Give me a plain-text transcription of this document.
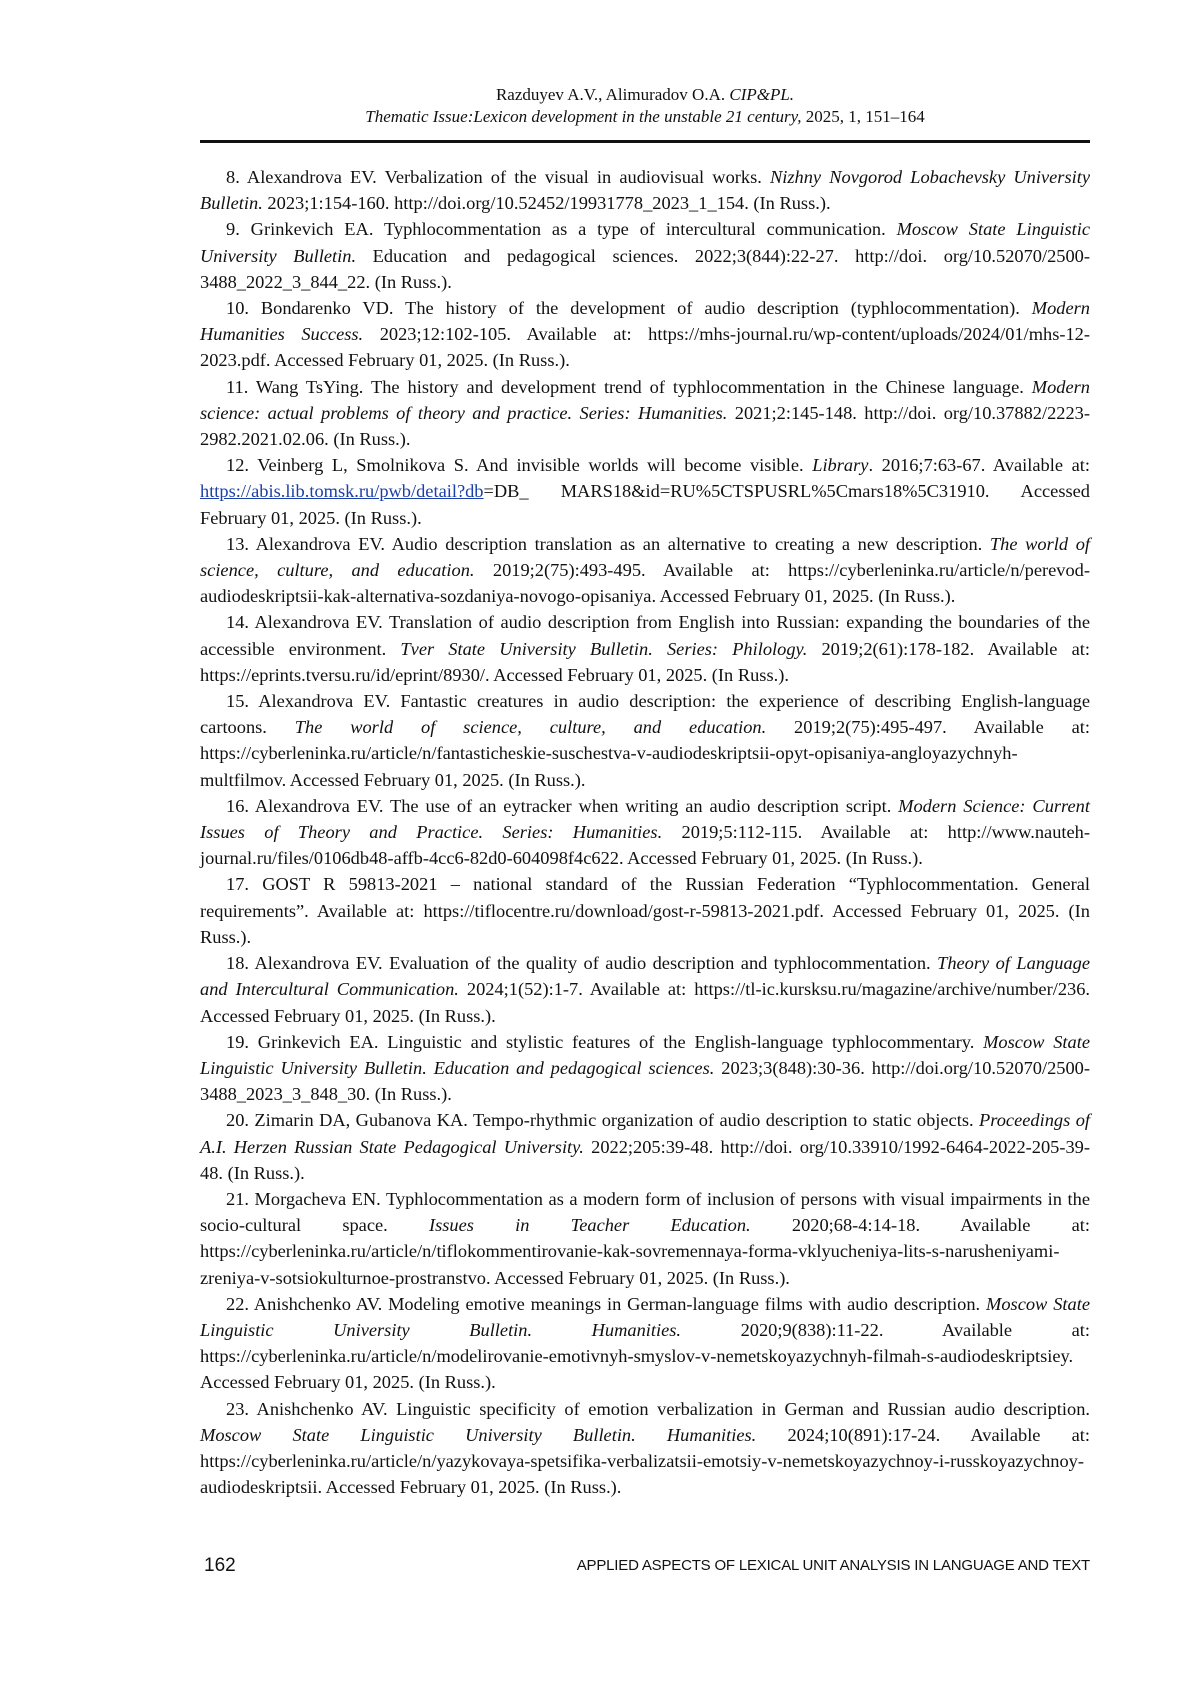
Razduyev A.V., Alimuradov O.A. CIP&PL.
Thematic Issue:Lexicon development in the unstable 21 century, 2025, 1, 151–164

8. Alexandrova EV. Verbalization of the visual in audiovisual works. Nizhny Novgorod Lobachevsky University Bulletin. 2023;1:154-160. http://doi.org/10.52452/19931778_2023_1_154. (In Russ.).

9. Grinkevich EA. Typhlocommentation as a type of intercultural communication. Moscow State Linguistic University Bulletin. Education and pedagogical sciences. 2022;3(844):22-27. http://doi. org/10.52070/2500-3488_2022_3_844_22. (In Russ.).

10. Bondarenko VD. The history of the development of audio description (typhlocommentation). Modern Humanities Success. 2023;12:102-105. Available at: https://mhs-journal.ru/wp-content/uploads/2024/01/mhs-12-2023.pdf. Accessed February 01, 2025. (In Russ.).

11. Wang TsYing. The history and development trend of typhlocommentation in the Chinese language. Modern science: actual problems of theory and practice. Series: Humanities. 2021;2:145-148. http://doi. org/10.37882/2223-2982.2021.02.06. (In Russ.).

12. Veinberg L, Smolnikova S. And invisible worlds will become visible. Library. 2016;7:63-67. Available at: https://abis.lib.tomsk.ru/pwb/detail?db=DB_ MARS18&id=RU%5CTSPUSRL%5Cmars18%5C31910. Accessed February 01, 2025. (In Russ.).

13. Alexandrova EV. Audio description translation as an alternative to creating a new description. The world of science, culture, and education. 2019;2(75):493-495. Available at: https://cyberleninka.ru/article/n/perevod-audiodeskriptsii-kak-alternativa-sozdaniya-novogo-opisaniya. Accessed February 01, 2025. (In Russ.).

14. Alexandrova EV. Translation of audio description from English into Russian: expanding the boundaries of the accessible environment. Tver State University Bulletin. Series: Philology. 2019;2(61):178-182. Available at: https://eprints.tversu.ru/id/eprint/8930/. Accessed February 01, 2025. (In Russ.).

15. Alexandrova EV. Fantastic creatures in audio description: the experience of describing English-language cartoons. The world of science, culture, and education. 2019;2(75):495-497. Available at: https://cyberleninka.ru/article/n/fantasticheskie-suschestva-v-audiodeskriptsii-opyt-opisaniya-angloyazychnyh-multfilmov. Accessed February 01, 2025. (In Russ.).

16. Alexandrova EV. The use of an eytracker when writing an audio description script. Modern Science: Current Issues of Theory and Practice. Series: Humanities. 2019;5:112-115. Available at: http://www.nauteh-journal.ru/files/0106db48-affb-4cc6-82d0-604098f4c622. Accessed February 01, 2025. (In Russ.).

17. GOST R 59813-2021 – national standard of the Russian Federation “Typhlocommentation. General requirements”. Available at: https://tiflocentre.ru/download/gost-r-59813-2021.pdf. Accessed February 01, 2025. (In Russ.).

18. Alexandrova EV. Evaluation of the quality of audio description and typhlocommentation. Theory of Language and Intercultural Communication. 2024;1(52):1-7. Available at: https://tl-ic.kursksu.ru/magazine/archive/number/236. Accessed February 01, 2025. (In Russ.).

19. Grinkevich EA. Linguistic and stylistic features of the English-language typhlocommentary. Moscow State Linguistic University Bulletin. Education and pedagogical sciences. 2023;3(848):30-36. http://doi.org/10.52070/2500-3488_2023_3_848_30. (In Russ.).

20. Zimarin DA, Gubanova KA. Tempo-rhythmic organization of audio description to static objects. Proceedings of A.I. Herzen Russian State Pedagogical University. 2022;205:39-48. http://doi. org/10.33910/1992-6464-2022-205-39-48. (In Russ.).

21. Morgacheva EN. Typhlocommentation as a modern form of inclusion of persons with visual impairments in the socio-cultural space. Issues in Teacher Education. 2020;68-4:14-18. Available at: https://cyberleninka.ru/article/n/tiflokommentirovanie-kak-sovremennaya-forma-vklyucheniya-lits-s-narusheniyami-zreniya-v-sotsiokulturnoe-prostranstvo. Accessed February 01, 2025. (In Russ.).

22. Anishchenko AV. Modeling emotive meanings in German-language films with audio description. Moscow State Linguistic University Bulletin. Humanities. 2020;9(838):11-22. Available at: https://cyberleninka.ru/article/n/modelirovanie-emotivnyh-smyslov-v-nemetskoyazychnyh-filmah-s-audiodeskriptsiey. Accessed February 01, 2025. (In Russ.).

23. Anishchenko AV. Linguistic specificity of emotion verbalization in German and Russian audio description. Moscow State Linguistic University Bulletin. Humanities. 2024;10(891):17-24. Available at: https://cyberleninka.ru/article/n/yazykovaya-spetsifika-verbalizatsii-emotsiy-v-nemetskoyazychnoy-i-russkoyazychnoy-audiodeskriptsii. Accessed February 01, 2025. (In Russ.).

162	APPLIED ASPECTS OF LEXICAL UNIT ANALYSIS IN LANGUAGE AND TEXT
